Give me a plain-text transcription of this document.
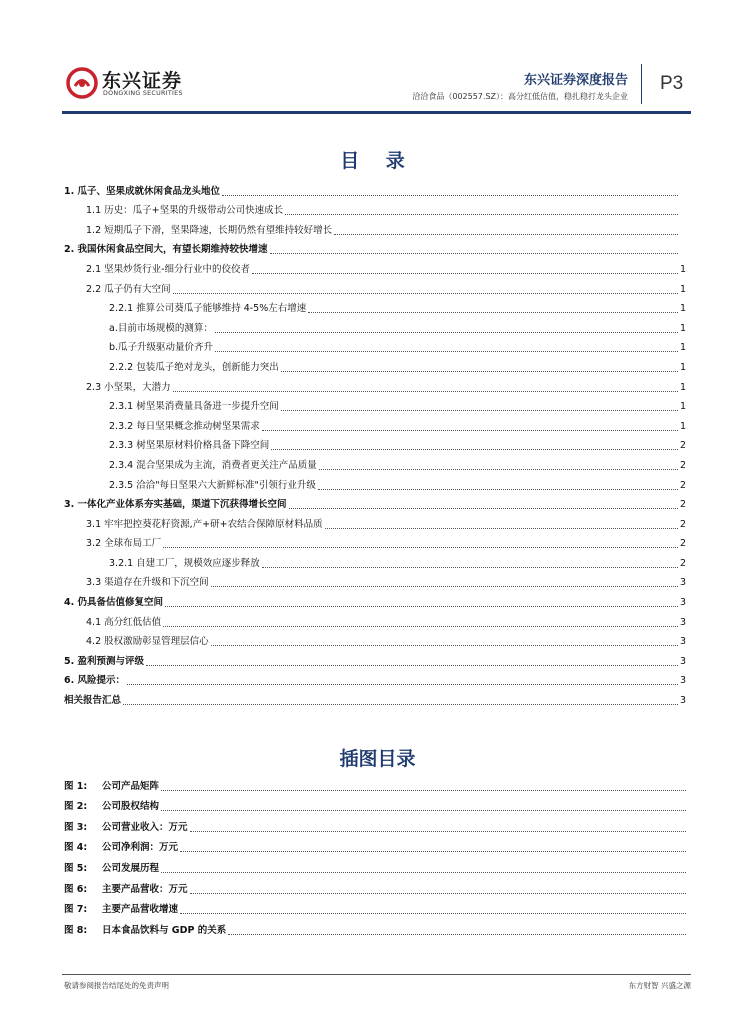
东兴证券
DONGXING SECURITIES
东兴证券深度报告
洽洽食品（002557.SZ）：高分红低估值，稳扎稳打龙头企业
P3
目 录
1. 瓜子、坚果成就休闲食品龙头地位
1.1 历史：瓜子+坚果的升级带动公司快速成长
1.2 短期瓜子下滑，坚果降速，长期仍然有望维持较好增长
2. 我国休闲食品空间大，有望长期维持较快增速
2.1 坚果炒货行业-细分行业中的佼佼者	1
2.2 瓜子仍有大空间	1
2.2.1 推算公司葵瓜子能够维持 4-5%左右增速	1
a.目前市场规模的测算：	1
b.瓜子升级驱动量价齐升	1
2.2.2 包装瓜子绝对龙头，创新能力突出	1
2.3 小坚果，大潜力	1
2.3.1 树坚果消费量具备进一步提升空间	1
2.3.2 每日坚果概念推动树坚果需求	1
2.3.3 树坚果原材料价格具备下降空间	2
2.3.4 混合坚果成为主流，消费者更关注产品质量	2
2.3.5 洽洽"每日坚果六大新鲜标准"引领行业升级	2
3. 一体化产业体系夯实基础，渠道下沉获得增长空间	2
3.1 牢牢把控葵花籽资源,产+研+农结合保障原材料品质	2
3.2 全球布局工厂	2
3.2.1 自建工厂，规模效应逐步释放	2
3.3 渠道存在升级和下沉空间	3
4. 仍具备估值修复空间	3
4.1 高分红低估值	3
4.2 股权激励彰显管理层信心	3
5. 盈利预测与评级	3
6. 风险提示：	3
相关报告汇总	3
插图目录
图 1:	公司产品矩阵
图 2:	公司股权结构
图 3:	公司营业收入：万元
图 4:	公司净利润：万元
图 5:	公司发展历程
图 6:	主要产品营收：万元
图 7:	主要产品营收增速
图 8:	日本食品饮料与 GDP 的关系
敬请参阅报告结尾处的免责声明	东方财智 兴盛之源
